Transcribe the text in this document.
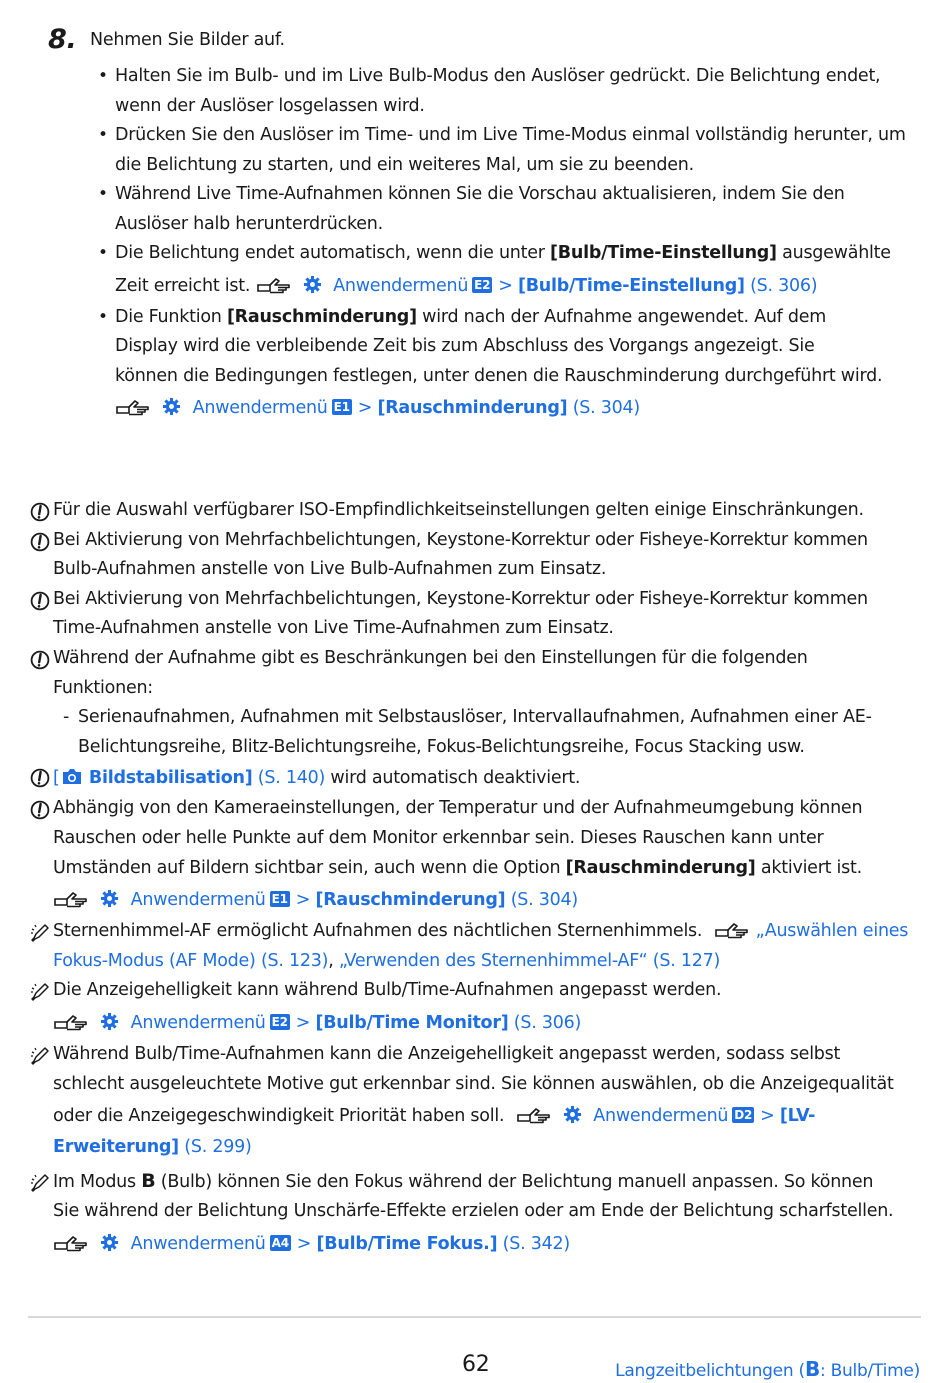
8. Nehmen Sie Bilder auf.
• Halten Sie im Bulb- und im Live Bulb-Modus den Auslöser gedrückt. Die Belichtung endet,
wenn der Auslöser losgelassen wird.
• Drücken Sie den Auslöser im Time- und im Live Time-Modus einmal vollständig herunter, um
die Belichtung zu starten, und ein weiteres Mal, um sie zu beenden.
• Während Live Time-Aufnahmen können Sie die Vorschau aktualisieren, indem Sie den
Auslöser halb herunterdrücken.
• Die Belichtung endet automatisch, wenn die unter [Bulb/Time-Einstellung] ausgewählte
Zeit erreicht ist.	Anwendermenü E2 > [Bulb/Time-Einstellung] (S. 306)
• Die Funktion [Rauschminderung] wird nach der Aufnahme angewendet. Auf dem
Display wird die verbleibende Zeit bis zum Abschluss des Vorgangs angezeigt. Sie
können die Bedingungen festlegen, unter denen die Rauschminderung durchgeführt wird.
Anwendermenü E1 > [Rauschminderung] (S. 304)
Für die Auswahl verfügbarer ISO-Empfindlichkeitseinstellungen gelten einige Einschränkungen.
Bei Aktivierung von Mehrfachbelichtungen, Keystone-Korrektur oder Fisheye-Korrektur kommen
Bulb-Aufnahmen anstelle von Live Bulb-Aufnahmen zum Einsatz.
Bei Aktivierung von Mehrfachbelichtungen, Keystone-Korrektur oder Fisheye-Korrektur kommen
Time-Aufnahmen anstelle von Live Time-Aufnahmen zum Einsatz.
Während der Aufnahme gibt es Beschränkungen bei den Einstellungen für die folgenden
Funktionen:
- Serienaufnahmen, Aufnahmen mit Selbstauslöser, Intervallaufnahmen, Aufnahmen einer AE-
Belichtungsreihe, Blitz-Belichtungsreihe, Fokus-Belichtungsreihe, Focus Stacking usw.
[ Bildstabilisation] (S. 140) wird automatisch deaktiviert.
Abhängig von den Kameraeinstellungen, der Temperatur und der Aufnahmeumgebung können
Rauschen oder helle Punkte auf dem Monitor erkennbar sein. Dieses Rauschen kann unter
Umständen auf Bildern sichtbar sein, auch wenn die Option [Rauschminderung] aktiviert ist.
Anwendermenü E1 > [Rauschminderung] (S. 304)
Sternenhimmel-AF ermöglicht Aufnahmen des nächtlichen Sternenhimmels.	„Auswählen eines
Fokus-Modus (AF Mode) (S. 123), „Verwenden des Sternenhimmel-AF“ (S. 127)
Die Anzeigehelligkeit kann während Bulb/Time-Aufnahmen angepasst werden.
Anwendermenü E2 > [Bulb/Time Monitor] (S. 306)
Während Bulb/Time-Aufnahmen kann die Anzeigehelligkeit angepasst werden, sodass selbst
schlecht ausgeleuchtete Motive gut erkennbar sind. Sie können auswählen, ob die Anzeigequalität
oder die Anzeigegeschwindigkeit Priorität haben soll.	Anwendermenü D2 > [LV-
Erweiterung] (S. 299)
Im Modus B (Bulb) können Sie den Fokus während der Belichtung manuell anpassen. So können
Sie während der Belichtung Unschärfe-Effekte erzielen oder am Ende der Belichtung scharfstellen.
Anwendermenü A4 > [Bulb/Time Fokus.] (S. 342)
62	Langzeitbelichtungen (B: Bulb/Time)
